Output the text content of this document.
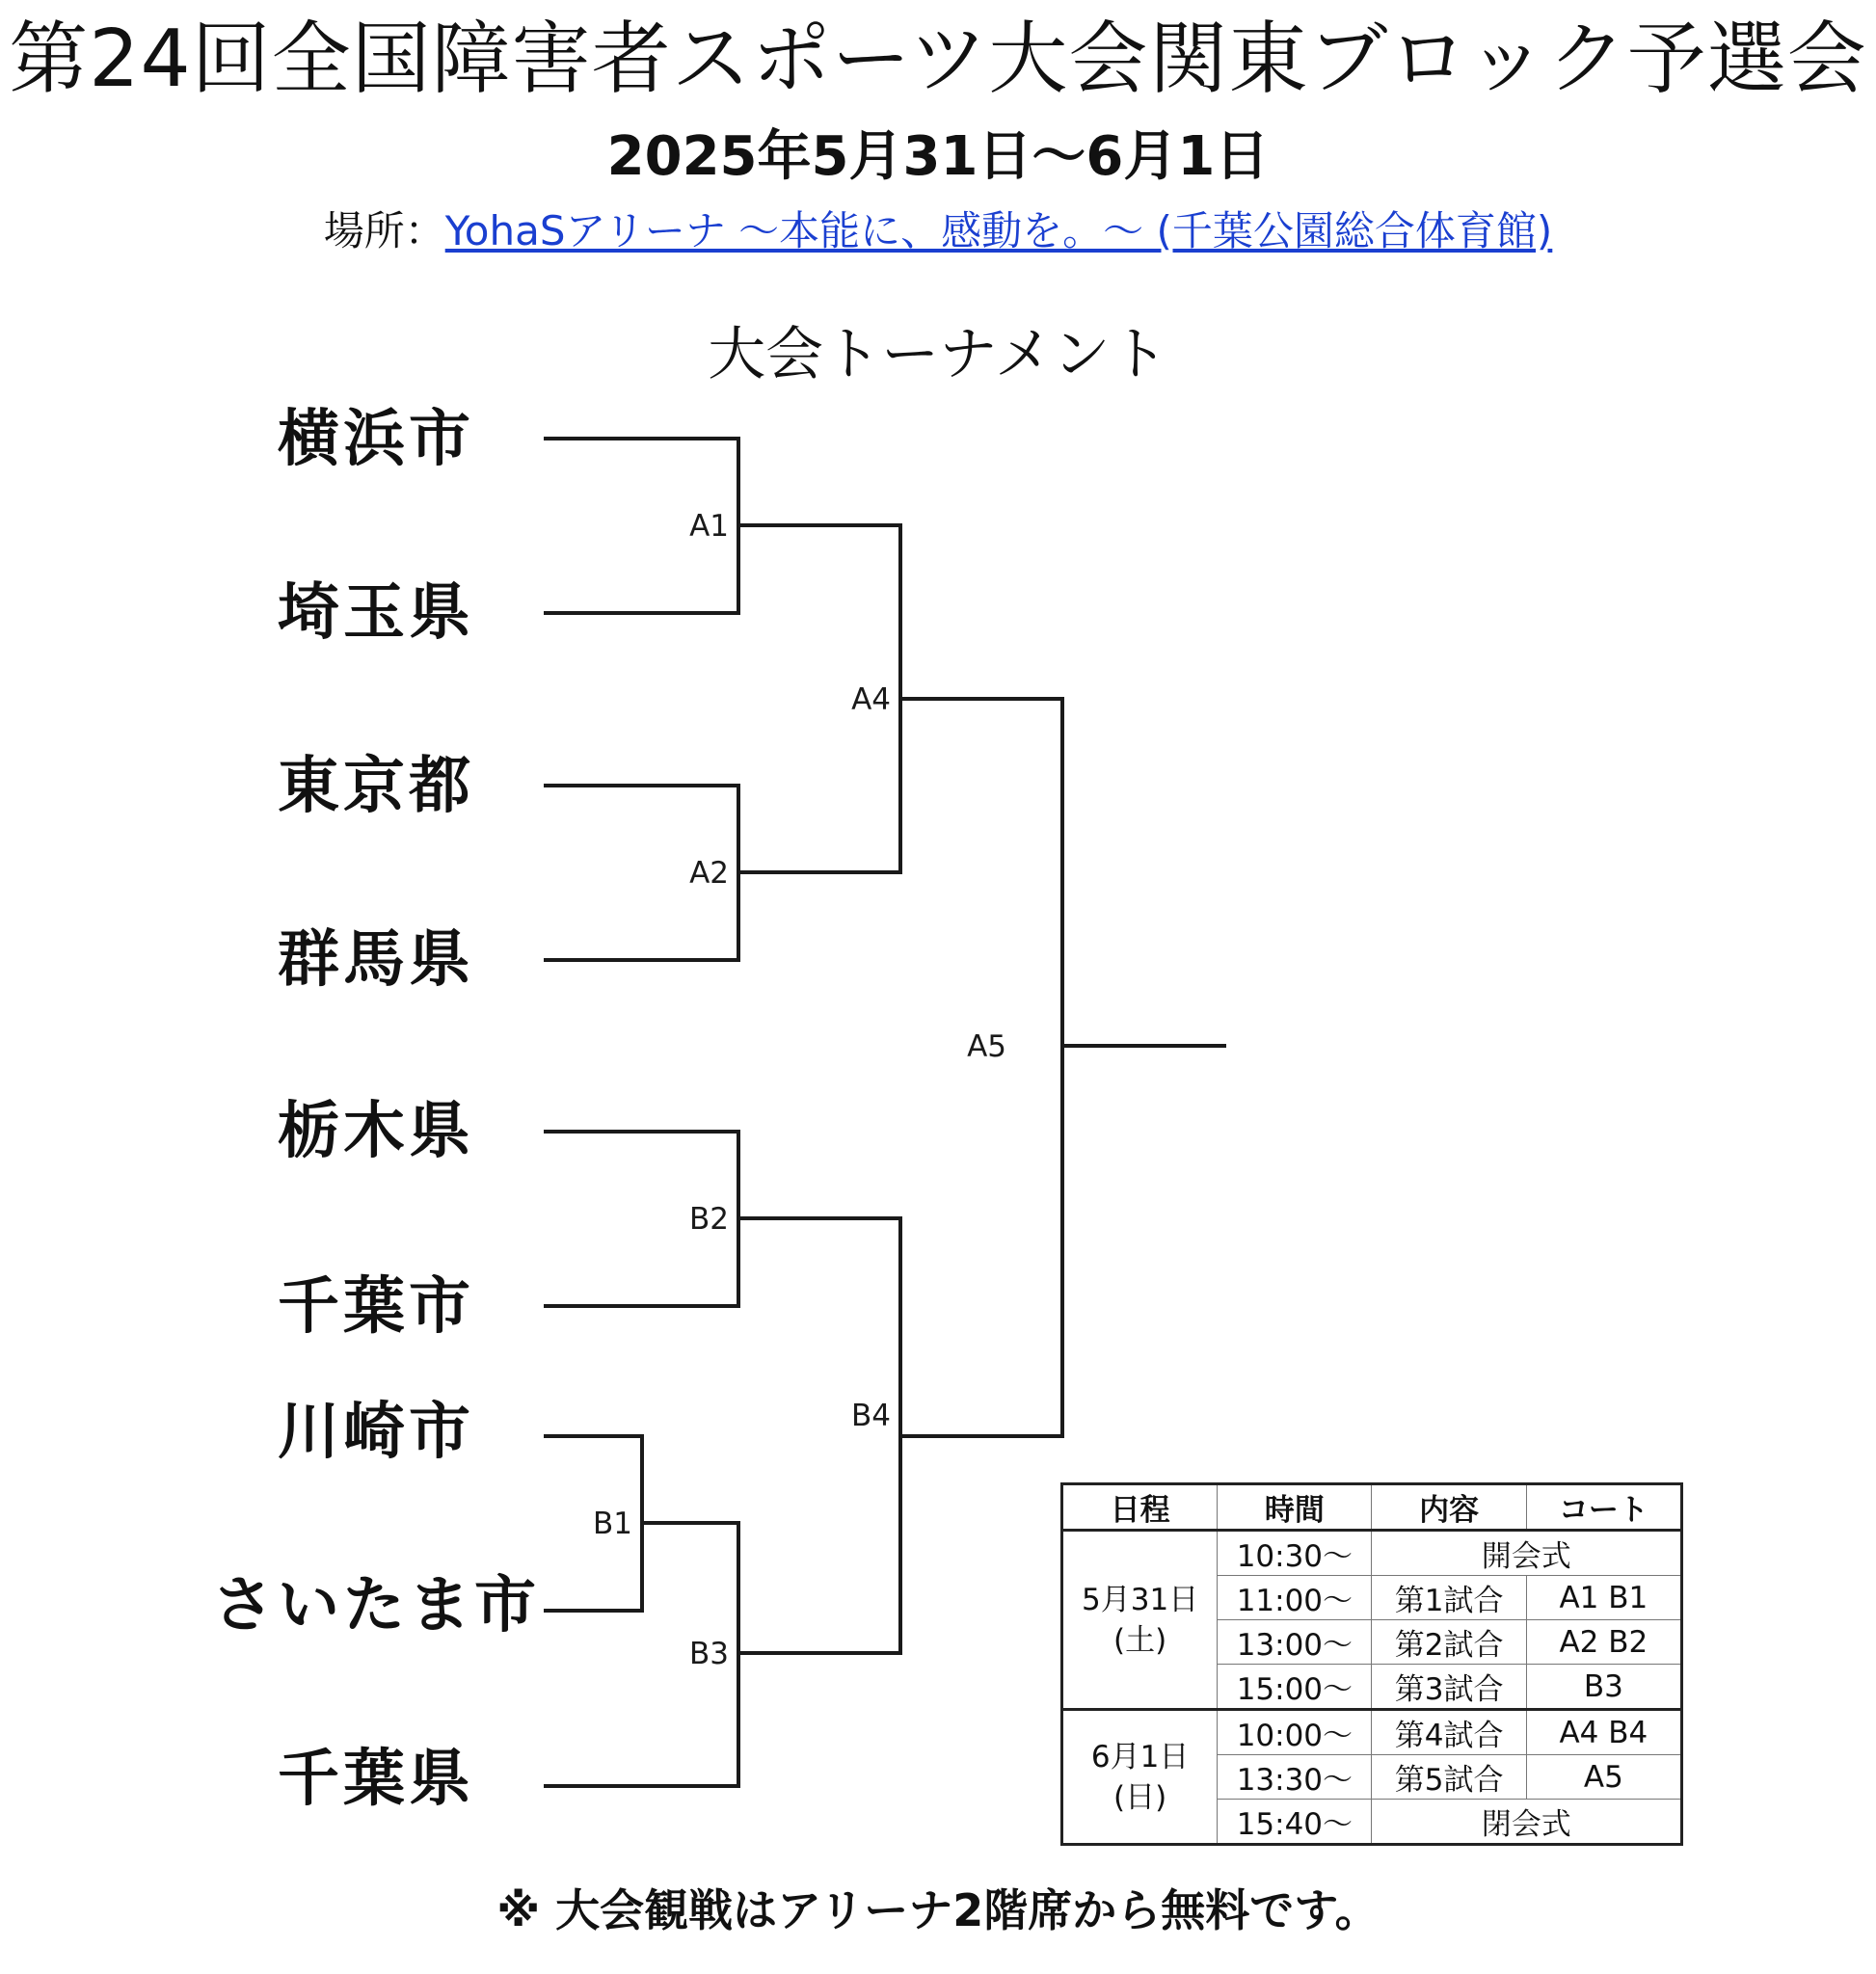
第24回全国障害者スポーツ大会関東ブロック予選会
2025年5月31日〜6月1日
場所：YohaSアリーナ 〜本能に、感動を。〜 (千葉公園総合体育館)
大会トーナメント
横浜市
埼玉県
東京都
群馬県
栃木県
千葉市
川崎市
さいたま市
千葉県
A1
A2
A4
A5
B2
B1
B3
B4
日程	時間	内容	コート

5月31日
(土)	10:30〜	開会式	
	11:00〜	第1試合	A1 B1
	13:00〜	第2試合	A2 B2
	15:00〜	第3試合	B3

6月1日
(日)	10:00〜	第4試合	A4 B4
	13:30〜	第5試合	A5
	15:40〜	閉会式	
※ 大会観戦はアリーナ2階席から無料です。
